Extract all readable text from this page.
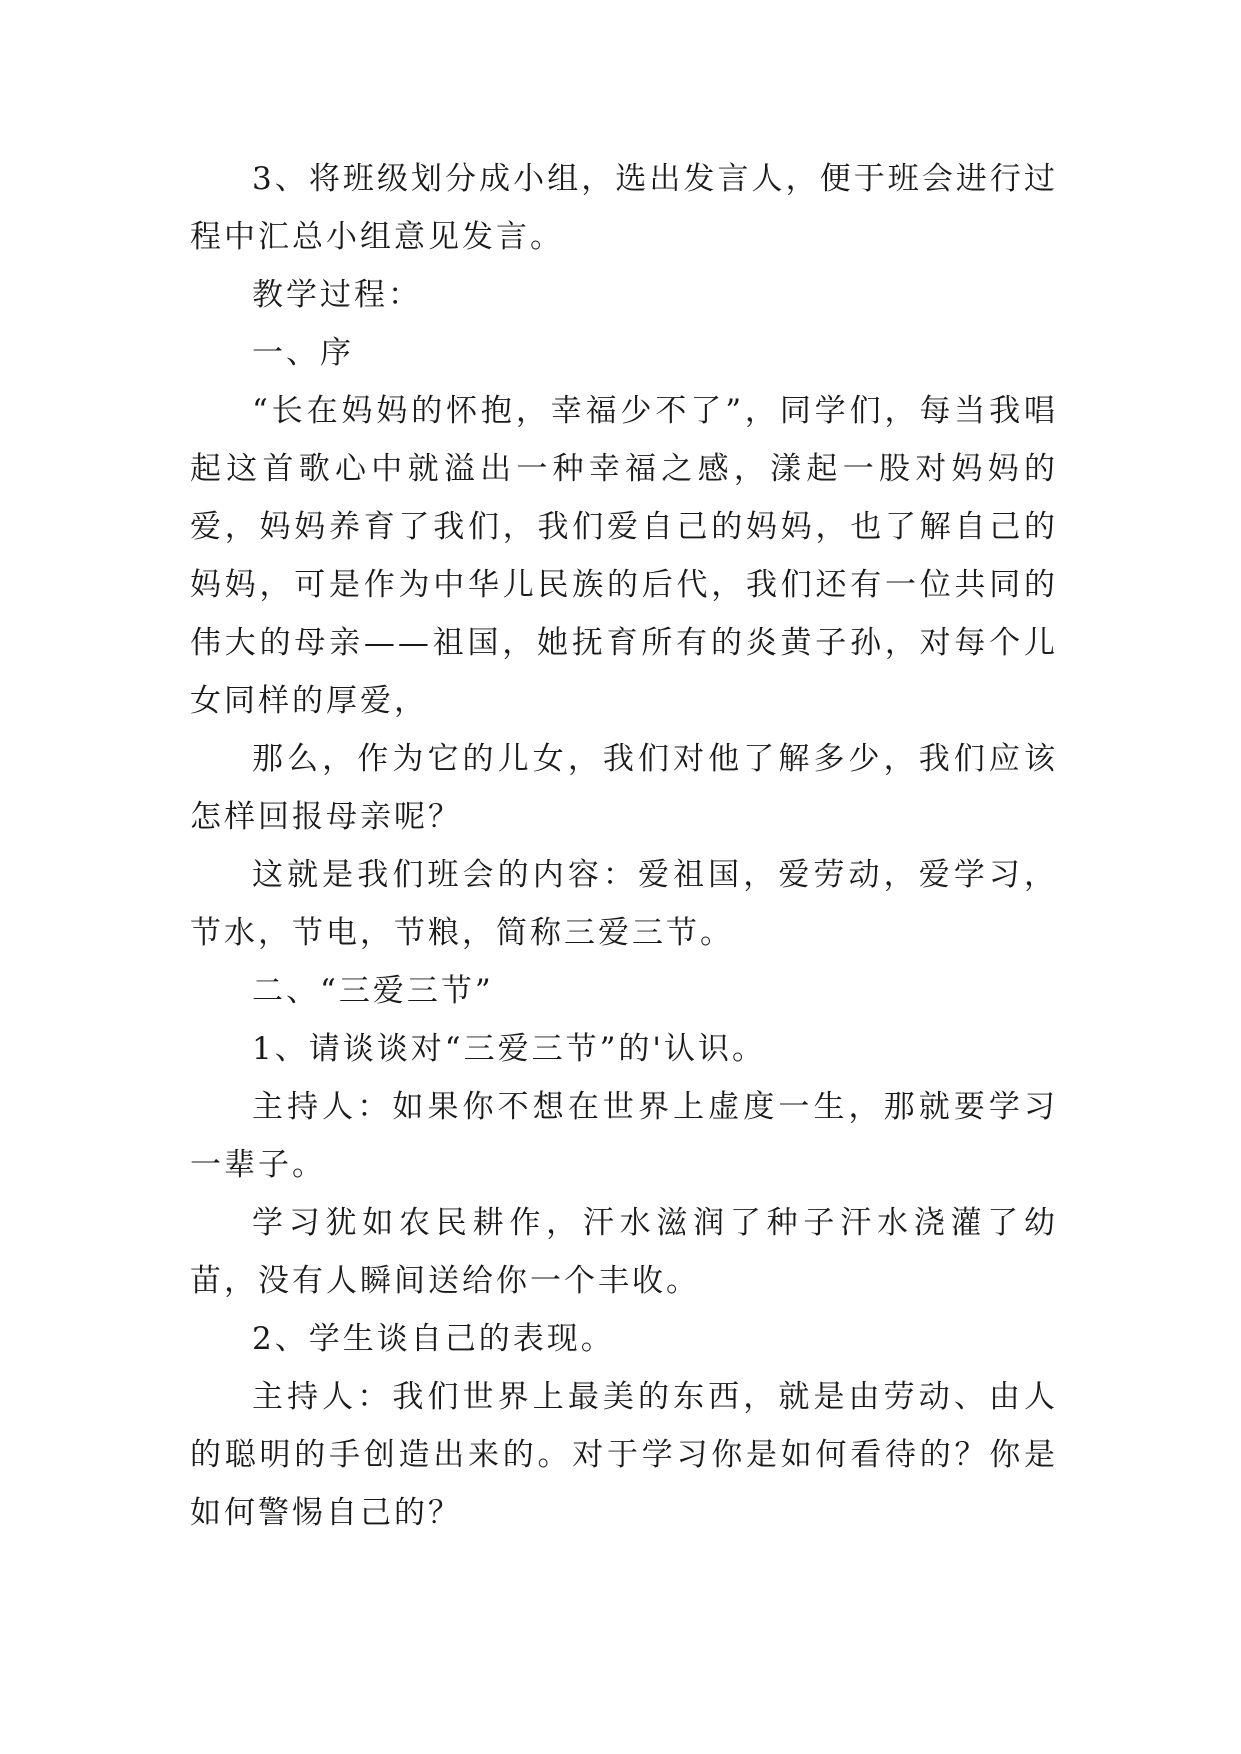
3、将班级划分成小组，选出发言人，便于班会进行过程中汇总小组意见发言。

教学过程：

一、序

“长在妈妈的怀抱，幸福少不了”，同学们，每当我唱起这首歌心中就溢出一种幸福之感，漾起一股对妈妈的爱，妈妈养育了我们，我们爱自己的妈妈，也了解自己的妈妈，可是作为中华儿民族的后代，我们还有一位共同的伟大的母亲——祖国，她抚育所有的炎黄子孙，对每个儿女同样的厚爱，

那么，作为它的儿女，我们对他了解多少，我们应该怎样回报母亲呢？

这就是我们班会的内容：爱祖国，爱劳动，爱学习，节水，节电，节粮，简称三爱三节。

二、“三爱三节”

1、请谈谈对“三爱三节”的'认识。

主持人：如果你不想在世界上虚度一生，那就要学习一辈子。

学习犹如农民耕作，汗水滋润了种子汗水浇灌了幼苗，没有人瞬间送给你一个丰收。

2、学生谈自己的表现。

主持人：我们世界上最美的东西，就是由劳动、由人的聪明的手创造出来的。对于学习你是如何看待的？你是如何警惕自己的？
